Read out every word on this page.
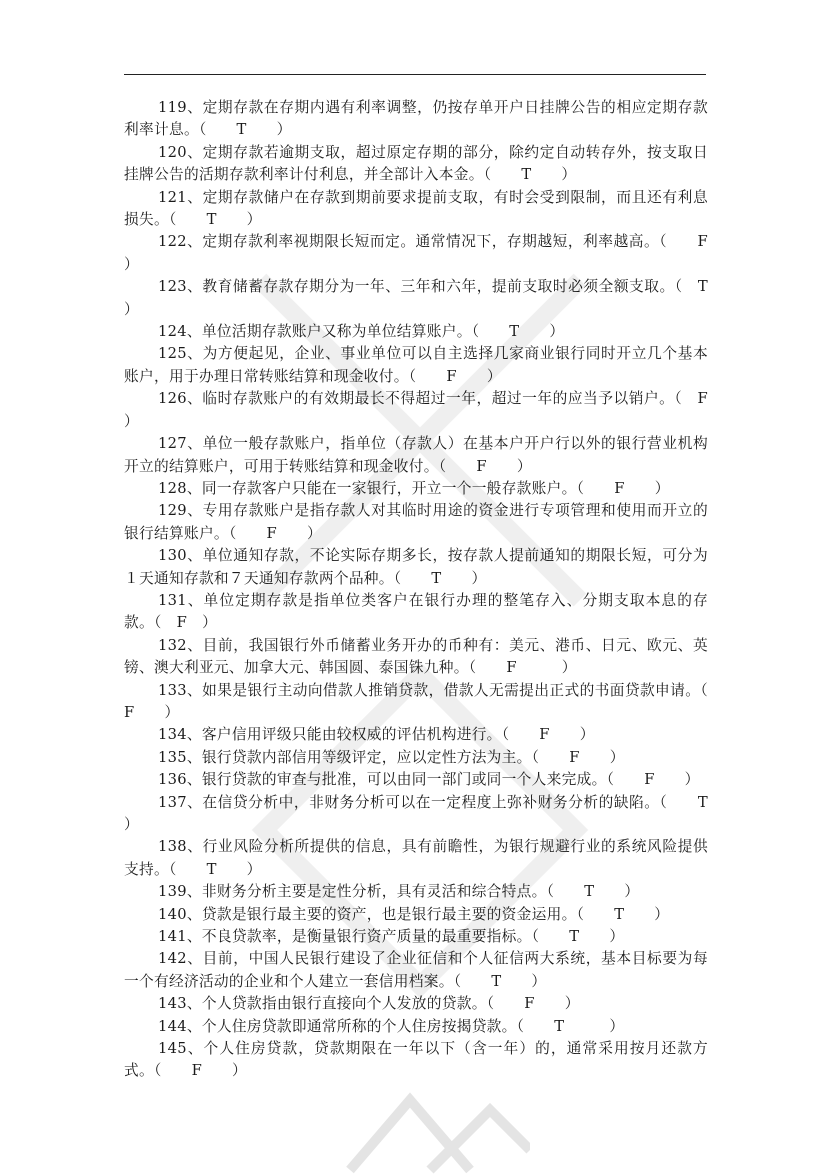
119、定期存款在存期内遇有利率调整，仍按存单开户日挂牌公告的相应定期存款利率计息。（　　T　　）

120、定期存款若逾期支取，超过原定存期的部分，除约定自动转存外，按支取日挂牌公告的活期存款利率计付利息，并全部计入本金。（　　T　　）

121、定期存款储户在存款到期前要求提前支取，有时会受到限制，而且还有利息损失。（　　T　　）

122、定期存款利率视期限长短而定。通常情况下，存期越短，利率越高。（　　F　　）

123、教育储蓄存款存期分为一年、三年和六年，提前支取时必须全额支取。（　T　　）

124、单位活期存款账户又称为单位结算账户。（　　T　　）

125、为方便起见，企业、事业单位可以自主选择几家商业银行同时开立几个基本账户，用于办理日常转账结算和现金收付。（　　F　　）

126、临时存款账户的有效期最长不得超过一年，超过一年的应当予以销户。（　F　　）

127、单位一般存款账户，指单位（存款人）在基本户开户行以外的银行营业机构开立的结算账户，可用于转账结算和现金收付。（　　F　　）

128、同一存款客户只能在一家银行，开立一个一般存款账户。（　　F　　）

129、专用存款账户是指存款人对其临时用途的资金进行专项管理和使用而开立的银行结算账户。（　　F　　）

130、单位通知存款，不论实际存期多长，按存款人提前通知的期限长短，可分为１天通知存款和７天通知存款两个品种。（　　T　　）

131、单位定期存款是指单位类客户在银行办理的整笔存入、分期支取本息的存款。（　F　）

132、目前，我国银行外币储蓄业务开办的币种有：美元、港币、日元、欧元、英镑、澳大利亚元、加拿大元、韩国圆、泰国铢九种。（　　F　　　）

133、如果是银行主动向借款人推销贷款，借款人无需提出正式的书面贷款申请。（　　F　　）

134、客户信用评级只能由较权威的评估机构进行。（　　F　　）

135、银行贷款内部信用等级评定，应以定性方法为主。（　　F　　）

136、银行贷款的审查与批准，可以由同一部门或同一个人来完成。（　　F　　）

137、在信贷分析中，非财务分析可以在一定程度上弥补财务分析的缺陷。（　　T　　）

138、行业风险分析所提供的信息，具有前瞻性，为银行规避行业的系统风险提供支持。（　　T　　）

139、非财务分析主要是定性分析，具有灵活和综合特点。（　　T　　）

140、贷款是银行最主要的资产，也是银行最主要的资金运用。（　　T　　）

141、不良贷款率，是衡量银行资产质量的最重要指标。（　　T　　）

142、目前，中国人民银行建设了企业征信和个人征信两大系统，基本目标要为每一个有经济活动的企业和个人建立一套信用档案。（　　T　　）

143、个人贷款指由银行直接向个人发放的贷款。（　　F　　）

144、个人住房贷款即通常所称的个人住房按揭贷款。（　　T　　　）

145、个人住房贷款，贷款期限在一年以下（含一年）的，通常采用按月还款方式。（　　F　　）
